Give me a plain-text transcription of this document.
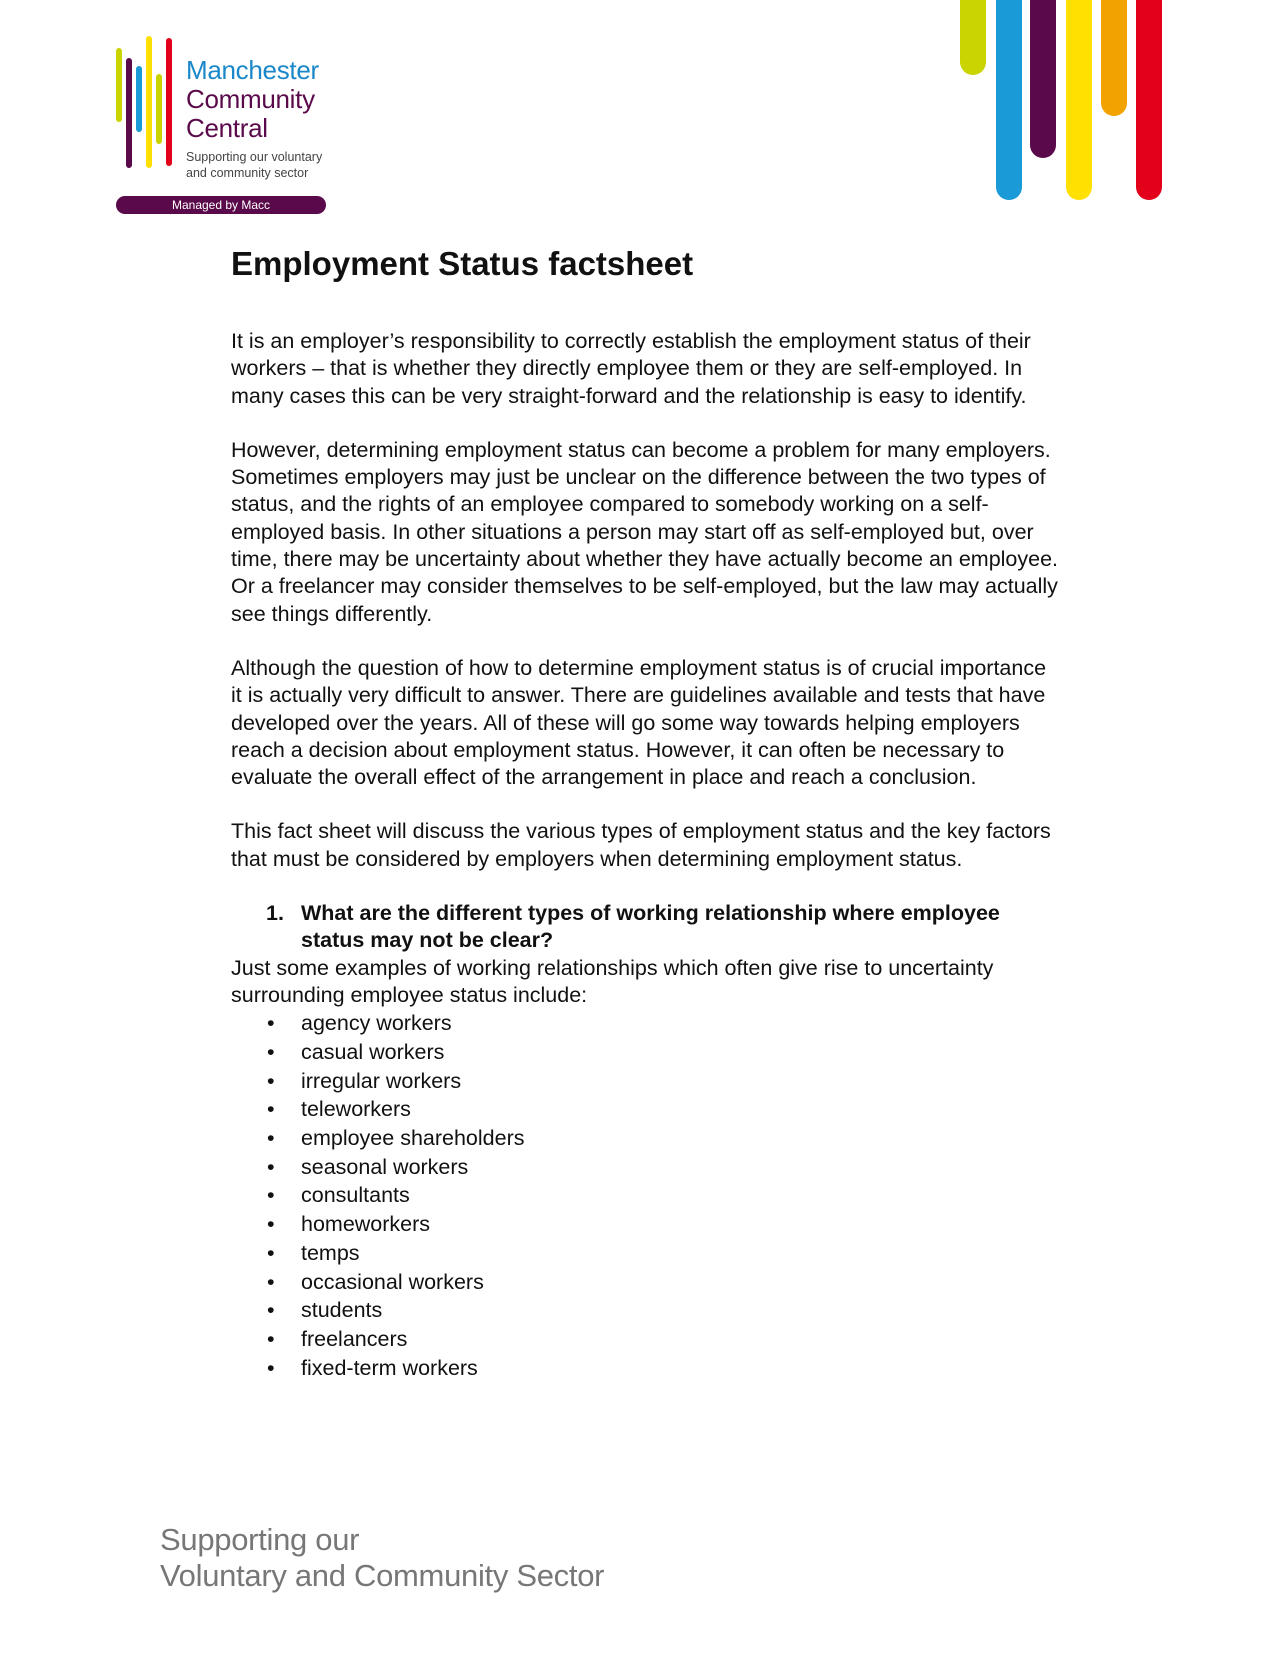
Manchester
Community
Central
Supporting our voluntary
and community sector
Managed by Macc
Employment Status factsheet

It is an employer’s responsibility to correctly establish the employment status of their workers – that is whether they directly employee them or they are self-employed. In many cases this can be very straight-forward and the relationship is easy to identify.

However, determining employment status can become a problem for many employers. Sometimes employers may just be unclear on the difference between the two types of status, and the rights of an employee compared to somebody working on a self-employed basis. In other situations a person may start off as self-employed but, over time, there may be uncertainty about whether they have actually become an employee. Or a freelancer may consider themselves to be self-employed, but the law may actually see things differently.

Although the question of how to determine employment status is of crucial importance it is actually very difficult to answer. There are guidelines available and tests that have developed over the years. All of these will go some way towards helping employers reach a decision about employment status. However, it can often be necessary to evaluate the overall effect of the arrangement in place and reach a conclusion.

This fact sheet will discuss the various types of employment status and the key factors that must be considered by employers when determining employment status.

1. What are the different types of working relationship where employee status may not be clear?

Just some examples of working relationships which often give rise to uncertainty surrounding employee status include:

• agency workers
• casual workers
• irregular workers
• teleworkers
• employee shareholders
• seasonal workers
• consultants
• homeworkers
• temps
• occasional workers
• students
• freelancers
• fixed-term workers
Supporting our
Voluntary and Community Sector
